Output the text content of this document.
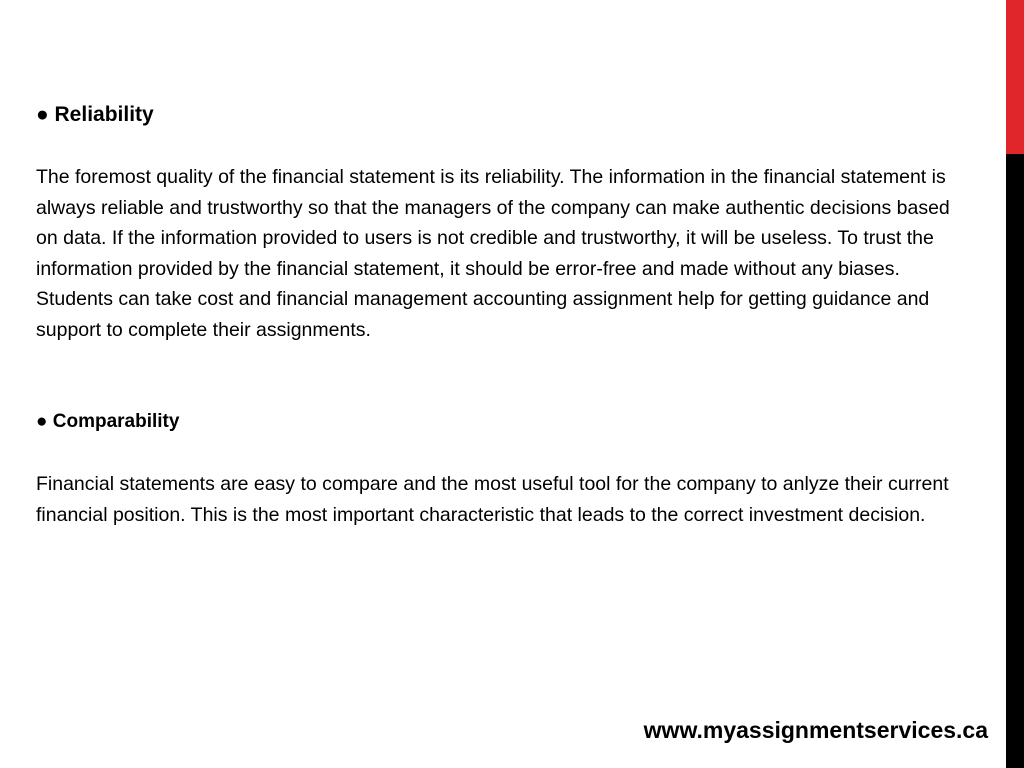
● Reliability

The foremost quality of the financial statement is its reliability. The information in the financial statement is always reliable and trustworthy so that the managers of the company can make authentic decisions based on data. If the information provided to users is not credible and trustworthy, it will be useless. To trust the information provided by the financial statement, it should be error-free and made without any biases. Students can take cost and financial management accounting assignment help for getting guidance and support to complete their assignments.

● Comparability

Financial statements are easy to compare and the most useful tool for the company to anlyze their current financial position. This is the most important characteristic that leads to the correct investment decision.

www.myassignmentservices.ca
